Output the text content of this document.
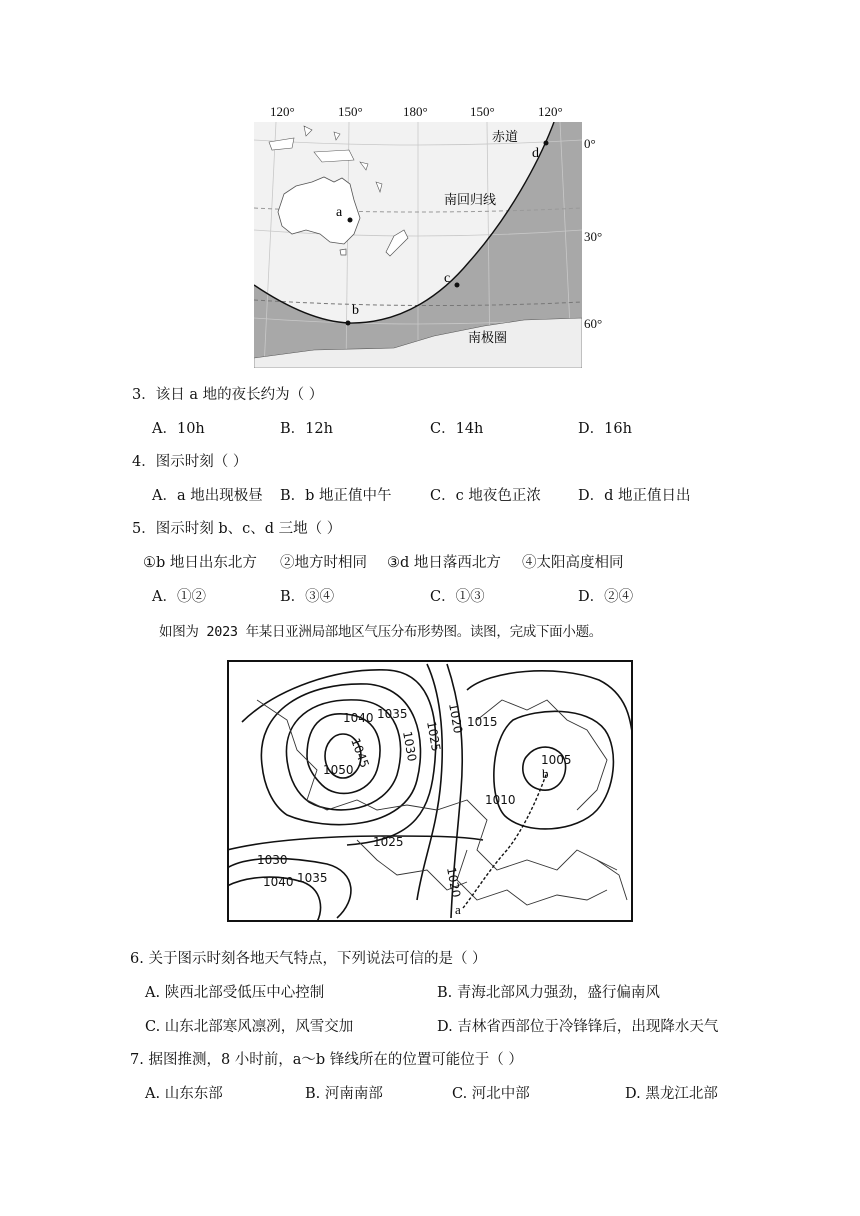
120°	150°	180°	150°	120°
0°
30°
60°
a
b
c
d
赤道
南回归线
南极圈
3．该日 a 地的夜长约为（ ）
A．10h	B．12h	C．14h	D．16h
4．图示时刻（ ）
A．a 地出现极昼 B．b 地正值中午	C．c 地夜色正浓	D．d 地正值日出
5．图示时刻 b、c、d 三地（ ）
①b 地日出东北方 ②地方时相同 ③d 地日落西北方 ④太阳高度相同
A．①②	B．③④	C．①③	D．②④
如图为 2023 年某日亚洲局部地区气压分布形势图。读图，完成下面小题。
1040 1035
1045
1050
1030 1025
1020 1015
1005
1010
1025
1030
1040 1035	1020
a
b
6. 关于图示时刻各地天气特点，下列说法可信的是（ ）
A. 陕西北部受低压中心控制	B. 青海北部风力强劲，盛行偏南风
C. 山东北部寒风凛冽，风雪交加	D. 吉林省西部位于冷锋锋后，出现降水天气
7. 据图推测，8 小时前，a～b 锋线所在的位置可能位于（ ）
A. 山东东部	B. 河南南部	C. 河北中部	D. 黑龙江北部
